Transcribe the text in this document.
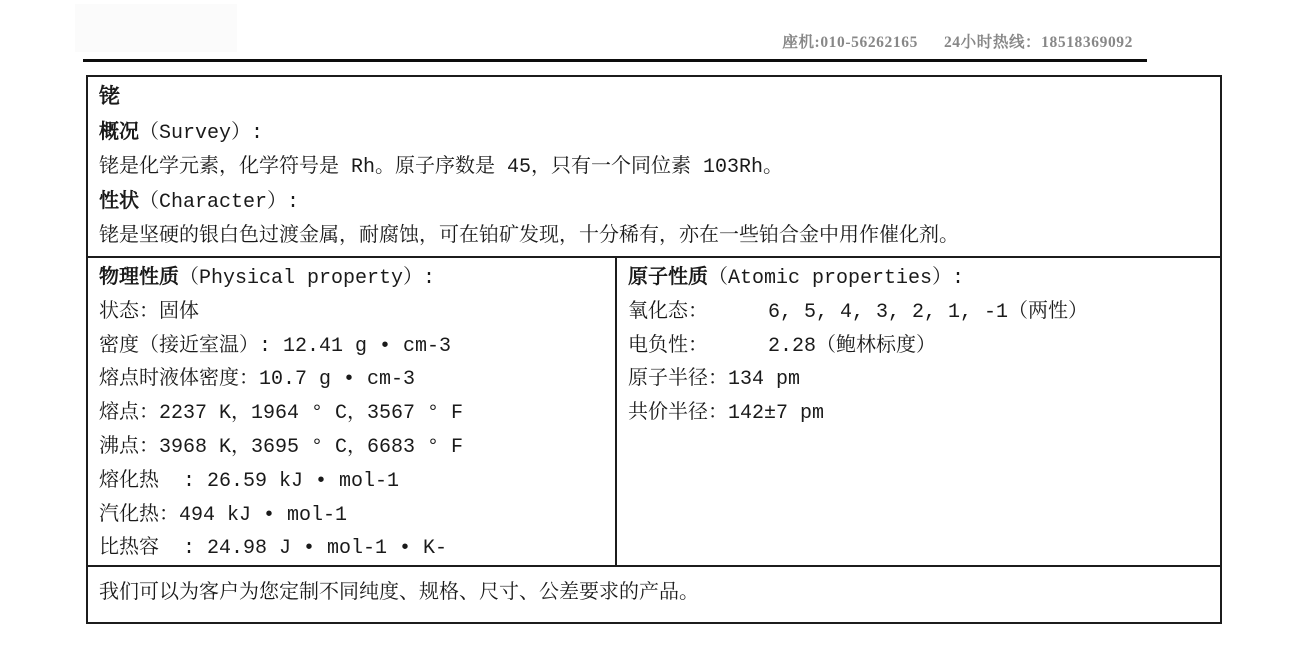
座机:010-56262165 24小时热线：18518369092
铑
概况（Survey）:
铑是化学元素，化学符号是 Rh。原子序数是 45，只有一个同位素 103Rh。
性状（Character）:
铑是坚硬的银白色过渡金属，耐腐蚀，可在铂矿发现，十分稀有，亦在一些铂合金中用作催化剂。
物理性质（Physical property）:
状态：固体
密度（接近室温）: 12.41 g • cm-3
熔点时液体密度：10.7 g • cm-3
熔点：2237 K，1964 ° C，3567 ° F
沸点：3968 K，3695 ° C，6683 ° F
熔化热  : 26.59 kJ • mol-1
汽化热：494 kJ • mol-1
比热容  : 24.98 J • mol-1 • K-
原子性质（Atomic properties）:
氧化态：     6, 5, 4, 3, 2, 1, -1（两性）
电负性：     2.28（鲍林标度）
原子半径：134 pm
共价半径：142±7 pm
我们可以为客户为您定制不同纯度、规格、尺寸、公差要求的产品。
